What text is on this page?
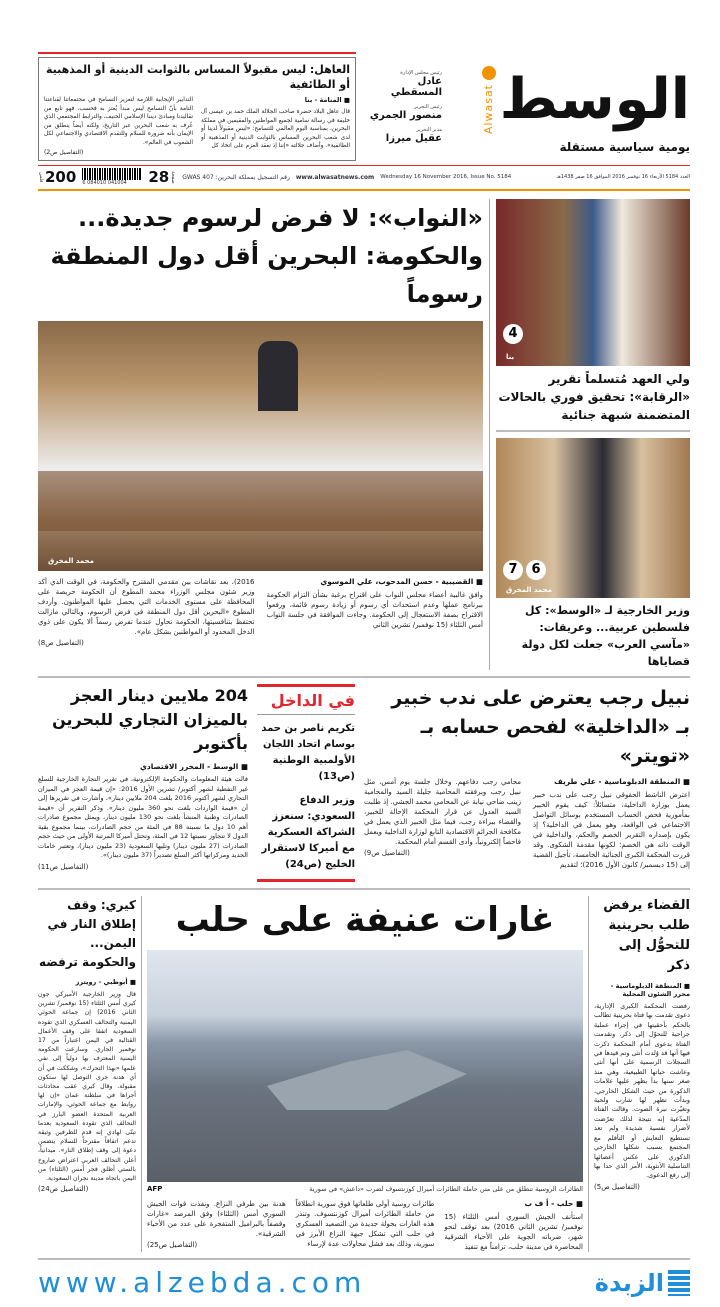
Alwasat الوسط
يومية سياسية مستقلة
رئيس مجلس الإدارة
عادل المسقطي
رئيس التحرير
منصور الجمري
مدير التحرير
عقيل ميرزا
العاهل: ليس مقبولاً المساس بالثوابت الدينية أو المذهبية أو الطائفية
■ المنامة - بنا
قال عاهل البلاد حضرة صاحب الجلالة الملك حمد بن عيسى آل خليفة في رسالة سامية لجميع المواطنين والمقيمين في مملكة البحرين، بمناسبة اليوم العالمي للتسامح: «ليس مقبولاً لدينا أو لدى شعب البحرين المساس بالثوابت الدينية أو المذهبية أو الطائفية». وأضاف جلالته «إننا إذ نعقد العزم على اتخاذ كل
التدابير الإيجابية اللازمة لتعزيز التسامح في مجتمعاتنا لقناعتنا التامة بأنّ التسامح ليس مبدأ يُعتز به فحسب، فهو نابع من تقاليدنا ومبادئ ديننا الإسلامي الحنيف، والترابط المجتمعي الذي عُرف به شعب البحرين عبر التاريخ، ولكنه أيضاً ينطلق من الإيمان بأنه ضرورة للسلام وللتقدم الاقتصادي والاجتماعي لكل الشعوب في العالم».
(التفاصيل ص2)
فلس 200 6 084010 041004	28 صفحة رقم التسجيل بمملكة البحرين: GWAS 407 www.alwasatnews.com Wednesday 16 November 2016, Issue No. 5184	العدد 5184 الأربعاء 16 نوفمبر 2016 الموافق 16 صفر 1438هـ
4
بنا
ولي العهد مُتسلماً تقرير «الرقابة»: تحقيق فوري بالحالات المتضمنة شبهة جنائية
7	6
محمد المخرق
وزير الخارجية لـ «الوسط»: كل فلسطين عربية... وعريقات: «مآسي العرب» جعلت لكل دولة قضاياها
«النواب»: لا فرض لرسوم جديدة...
والحكومة: البحرين أقل دول المنطقة رسوماً
محمد المخرق
■ القضيبية - حسن المدحوب، علي الموسوي
وافق غالبية أعضاء مجلس النواب على اقتراح برغبة بشأن التزام الحكومة ببرنامج عملها وعدم استحداث أي رسوم أو زيادة رسوم قائمة، ورفعوا الاقتراح بصفة الاستعجال إلى الحكومة. وجاءت الموافقة في جلسة النواب أمس الثلثاء (15 نوفمبر/ تشرين الثاني
2016)، بعد نقاشات بين مقدمي المقترح والحكومة، في الوقت الذي أكد وزير شئون مجلس الوزراء محمد المطوع أن الحكومة حريصة على المحافظة على مستوى الخدمات التي يحصل عليها المواطنون. وأردف المطوع «البحرين أقل دول المنطقة في فرض الرسوم، وبالتالي مازالت تحتفظ بتنافسيتها، الحكومة تحاول عندما تفرض رسماً ألا يكون على ذوي الدخل المحدود أو المواطنين بشكل عام».
(التفاصيل ص8)
نبيل رجب يعترض على ندب خبير
بـ «الداخلية» لفحص حسابه بـ «تويتر»
■ المنطقة الدبلوماسية - علي طريف
اعترض الناشط الحقوقي نبيل رجب على ندب خبير يعمل بوزارة الداخلية، متسائلاً: كيف يقوم الخبير بمأمورية فحص الحساب المستخدم بوسائل التواصل الاجتماعي في الواقعة، وهو يعمل في الداخلية؟ إذ يكون بإصداره التقرير الخصم والحكم، والداخلية في الوقت ذاته هي الخصم؛ لكونها مقدمة الشكوى. وقد قررت المحكمة الكبرى الجنائية الخامسة، تأجيل القضية إلى (15 ديسمبر/ كانون الأول 2016)؛ لتقديم
محامي رجب دفاعهم. وخلال جلسة يوم أمس، مثل نبيل رجب وبرفقته المحامية جليلة السيد والمحامية زينب ضاحي نيابة عن المحامي محمد الجشي. إذ طلبت السيد العدول عن قرار المحكمة الإحالة للخبير، والقضاء ببراءة رجب، فيما مثل الخبير الذي يعمل في مكافحة الجرائم الاقتصادية التابع لوزارة الداخلية ويعمل فاحصاً إلكترونياً، وأدى القسم أمام المحكمة.
(التفاصيل ص9)
في الداخل
تكريم ناصر بن حمد بوسام اتحاد اللجان الأولمبية الوطنية (ص13)
وزير الدفاع السعودي: سنعزز الشراكة العسكرية مع أميركا لاستقرار الخليج (ص24)
204 ملايين دينار العجز بالميزان التجاري للبحرين بأكتوبر
■ الوسط - المحرر الاقتصادي
قالت هيئة المعلومات والحكومة الإلكترونية، في تقرير التجارة الخارجية للسلع غير النفطية لشهر أكتوبر/ تشرين الأول 2016: «إن قيمة العجز في الميزان التجاري لشهر أكتوبر 2016 بلغت 204 ملايين دينار»، وأشارت في تقريرها إلى أن «قيمة الواردات بلغت نحو 360 مليون دينار». وذكر التقرير أن «قيمة الصادرات وطنية المنشأ بلغت نحو 130 مليون دينار، ويمثل مجموع صادرات أهم 10 دول ما نسبته 88 في المئة من حجم الصادرات، بينما مجموع بقية الدول لا تتجاوز نسبتها 12 في المئة، وتحتل أميركا المرتبة الأولى من حيث حجم الصادرات (27 مليون دينار) وتليها السعودية (23 مليون دينار)، وتعتبر خامات الحديد ومركزاتها أكثر السلع تصديراً (37 مليون دينار)».
(التفاصيل ص11)
القضاء يرفض طلب بحرينية للتحوُّل إلى ذكر
■ المنطقة الدبلوماسية - محرر الشئون المحلية
رفضت المحكمة الكبرى الإدارية، دعوى تقدمت بها فتاة بحرينية تطالب بالحكم بأحقيتها في إجراء عملية جراحية للتحوّل إلى ذكر. وتقدمت الفتاة بدعوى أمام المحكمة ذكرت فيها أنها قد وُلدت أنثى وتم قيدها في السجلات الرسمية على أنها أنثى وعاشت حياتها الطبيعية، وهي منذ صغر سنها بدأ يظهر عليها علامات الذكورة من حيث الشكل الخارجي، وبدأت تظهر لها شارب ولحية وتغيّرت نبرة الصوت. وقالت الفتاة المدّعية إنه نتيجة لذلك تعرّضت لأضرار نفسية شديدة ولم تعد تستطيع التعايش أو التأقلم مع المجتمع بسبب شكلها الخارجي الذكوري على عكس أعضائها التناسلية الأنثوية، الأمر الذي حدا بها إلى رفع الدعوى.
(التفاصيل ص5)
غارات عنيفة على حلب
AFP	الطائرات الروسية تنطلق من على متن حاملة الطائرات أميرال كوزنتسوف لضرب «داعش» في سورية
■ حلب - أ ف ب
استأنف الجيش السوري أمس الثلثاء (15 نوفمبر/ تشرين الثاني 2016) بعد توقف لنحو شهر، ضرباته الجوية على الأحياء الشرقية المحاصرة في مدينة حلب، تزامناً مع تنفيذ
طائرات روسية أولى طلعاتها فوق سورية انطلاقاً من حاملة الطائرات أميرال كوزنتسوف. وتنذر هذه الغارات بجولة جديدة من التصعيد العسكري في حلب التي تشكل جبهة النزاع الأبرز في سورية، وذلك بعد فشل محاولات عدة لإرساء
هدنة بين طرفي النزاع. ونفذت قوات الجيش السوري أمس (الثلثاء) وفق المرصد «غارات وقصفاً بالبراميل المتفجرة على عدد من الأحياء الشرقية».
(التفاصيل ص25)
كيري: وقف إطلاق النار في اليمن... والحكومة ترفضه
■ أبوظبي - رويترز
قال وزير الخارجية الأميركي جون كيري أمس الثلثاء (15 نوفمبر/ تشرين الثاني 2016) إن جماعة الحوثي اليمنية والتحالف العسكري الذي تقوده السعودية اتفقا على وقف الأعمال القتالية في اليمن اعتباراً من 17 نوفمبر الجاري. وسارعت الحكومة اليمنية المعترف بها دولياً إلى نفي علمها «بهذا التحرك»، وشككت في أن أي هدنة جرى التوصل لها ستكون مقبولة. وقال كيري عقب محادثات أجراها في سلطنة عمان «إن لها روابط مع جماعة الحوثي، والإمارات العربية المتحدة العضو البارز في التحالف الذي تقوده السعودية بعدما تبنّى لهادي إنه قدم للطرفين وثيقة تدعم اتفاقاً مقترحاً للسلام يتضمن دعوة إلى وقف إطلاق النار». ميدانياً، أعلن التحالف العربي اعتراض صاروخ بالستي أطلق فجر أمس (الثلثاء) من اليمن باتجاه مدينة نجران السعودية.
(التفاصيل ص24)
www.alzebda.com	الزبدة
